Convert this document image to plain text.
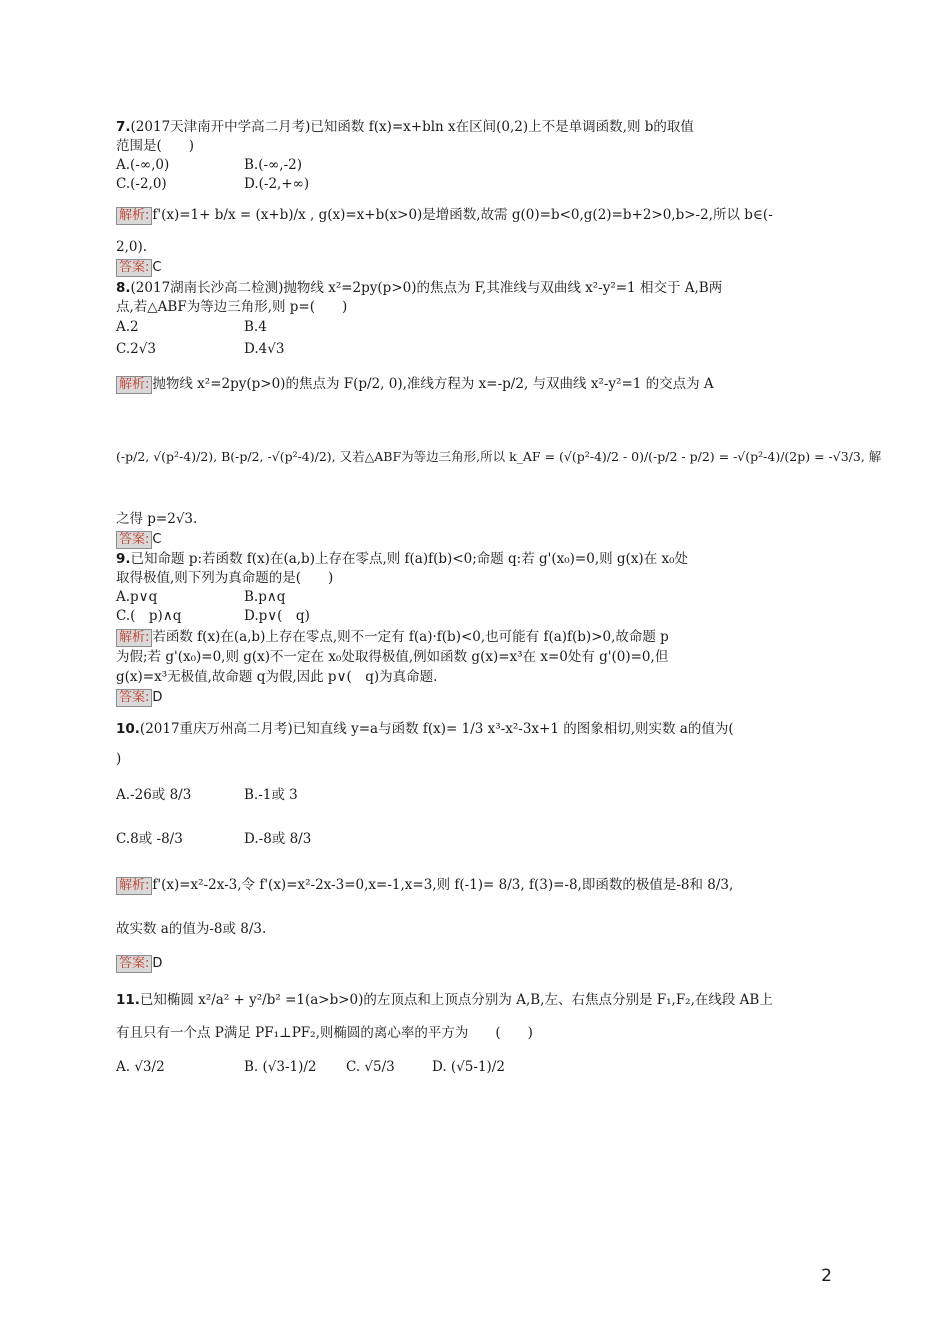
7.(2017天津南开中学高二月考)已知函数 f(x)=x+bln x在区间(0,2)上不是单调函数,则 b的取值
范围是(　　)
A.(-∞,0)	B.(-∞,-2)
C.(-2,0)	D.(-2,+∞)
解析: f'(x)=1+ b/x = (x+b)/x , g(x)=x+b(x>0)是增函数,故需 g(0)=b<0,g(2)=b+2>0,b>-2,所以 b∈(-
2,0).
答案: C
8.(2017湖南长沙高二检测)抛物线 x²=2py(p>0)的焦点为 F,其准线与双曲线 x²-y²=1 相交于 A,B两
点,若△ABF为等边三角形,则 p=(　　)
A.2	B.4
C.2√3	D.4√3
解析: 抛物线 x²=2py(p>0)的焦点为 F(p/2, 0),准线方程为 x=-p/2, 与双曲线 x²-y²=1 的交点为 A
(-p/2, √(p²-4)/2), B(-p/2, -√(p²-4)/2), 又若△ABF为等边三角形,所以 k_AF = (√(p²-4)/2 - 0)/(-p/2 - p/2) = -√(p²-4)/(2p) = -√3/3, 解
之得 p=2√3.
答案: C
9.已知命题 p:若函数 f(x)在(a,b)上存在零点,则 f(a)f(b)<0;命题 q:若 g'(x₀)=0,则 g(x)在 x₀处
取得极值,则下列为真命题的是(　　)
A.p∨q	B.p∧q
C.(　p)∧q	D.p∨(　q)
解析: 若函数 f(x)在(a,b)上存在零点,则不一定有 f(a)·f(b)<0,也可能有 f(a)f(b)>0,故命题 p
为假;若 g'(x₀)=0,则 g(x)不一定在 x₀处取得极值,例如函数 g(x)=x³在 x=0处有 g'(0)=0,但
g(x)=x³无极值,故命题 q为假,因此 p∨(　q)为真命题.
答案: D
10.(2017重庆万州高二月考)已知直线 y=a与函数 f(x)= 1/3 x³-x²-3x+1 的图象相切,则实数 a的值为(
)
A.-26或 8/3	B.-1或 3
C.8或 -8/3	D.-8或 8/3
解析: f'(x)=x²-2x-3,令 f'(x)=x²-2x-3=0,x=-1,x=3,则 f(-1)= 8/3, f(3)=-8,即函数的极值是-8和 8/3,
故实数 a的值为-8或 8/3.
答案: D
11.已知椭圆 x²/a² + y²/b² =1(a>b>0)的左顶点和上顶点分别为 A,B,左、右焦点分别是 F₁,F₂,在线段 AB上
有且只有一个点 P满足 PF₁⊥PF₂,则椭圆的离心率的平方为　　(　　)
A. √3/2	B. (√3-1)/2 C. √5/3	D. (√5-1)/2
2
